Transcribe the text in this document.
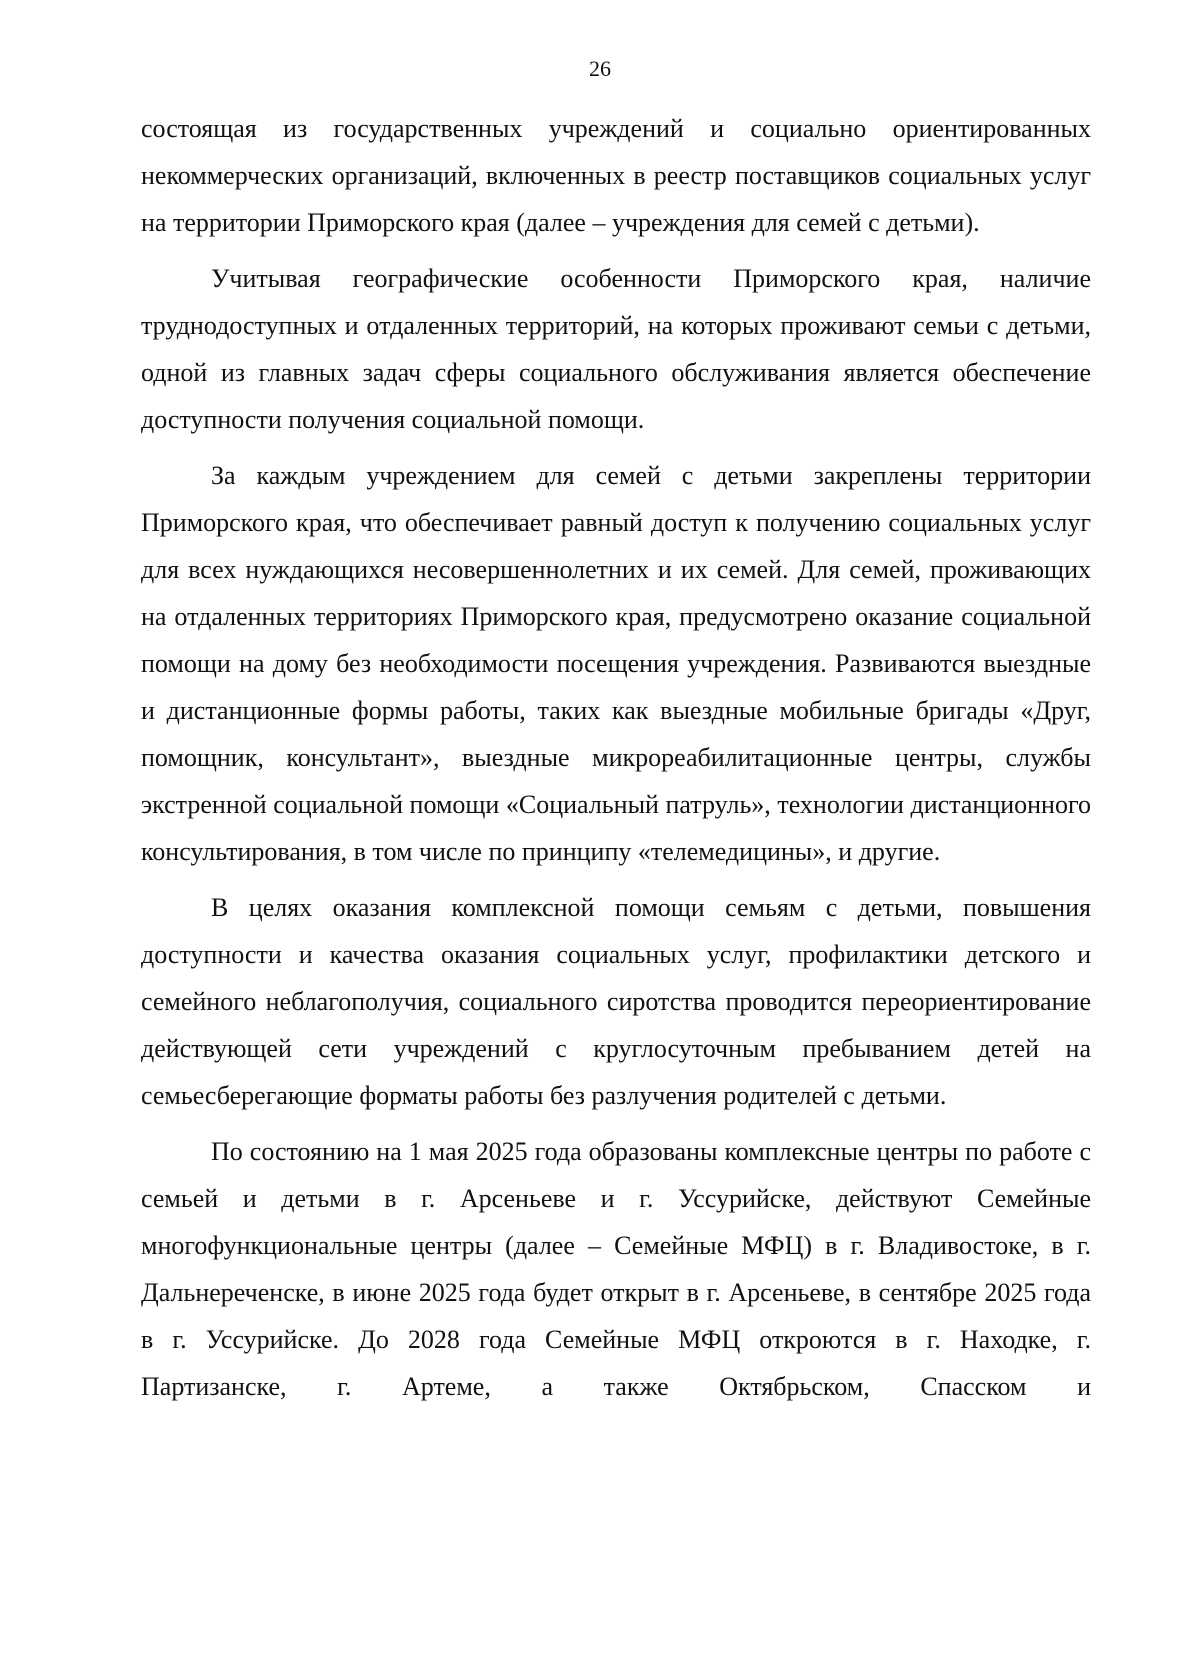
26

состоящая из государственных учреждений и социально ориентированных некоммерческих организаций, включенных в реестр поставщиков социальных услуг на территории Приморского края (далее – учреждения для семей с детьми).

Учитывая географические особенности Приморского края, наличие труднодоступных и отдаленных территорий, на которых проживают семьи с детьми, одной из главных задач сферы социального обслуживания является обеспечение доступности получения социальной помощи.

За каждым учреждением для семей с детьми закреплены территории Приморского края, что обеспечивает равный доступ к получению социальных услуг для всех нуждающихся несовершеннолетних и их семей. Для семей, проживающих на отдаленных территориях Приморского края, предусмотрено оказание социальной помощи на дому без необходимости посещения учреждения. Развиваются выездные и дистанционные формы работы, таких как выездные мобильные бригады «Друг, помощник, консультант», выездные микрореабилитационные центры, службы экстренной социальной помощи «Социальный патруль», технологии дистанционного консультирования, в том числе по принципу «телемедицины», и другие.

В целях оказания комплексной помощи семьям с детьми, повышения доступности и качества оказания социальных услуг, профилактики детского и семейного неблагополучия, социального сиротства проводится переориентирование действующей сети учреждений с круглосуточным пребыванием детей на семьесберегающие форматы работы без разлучения родителей с детьми.

По состоянию на 1 мая 2025 года образованы комплексные центры по работе с семьей и детьми в г. Арсеньеве и г. Уссурийске, действуют Семейные многофункциональные центры (далее – Семейные МФЦ) в г. Владивостоке, в г. Дальнереченске, в июне 2025 года будет открыт в г. Арсеньеве, в сентябре 2025 года в г. Уссурийске. До 2028 года Семейные МФЦ откроются в г. Находке, г. Партизанске, г. Артеме, а также Октябрьском, Спасском и
